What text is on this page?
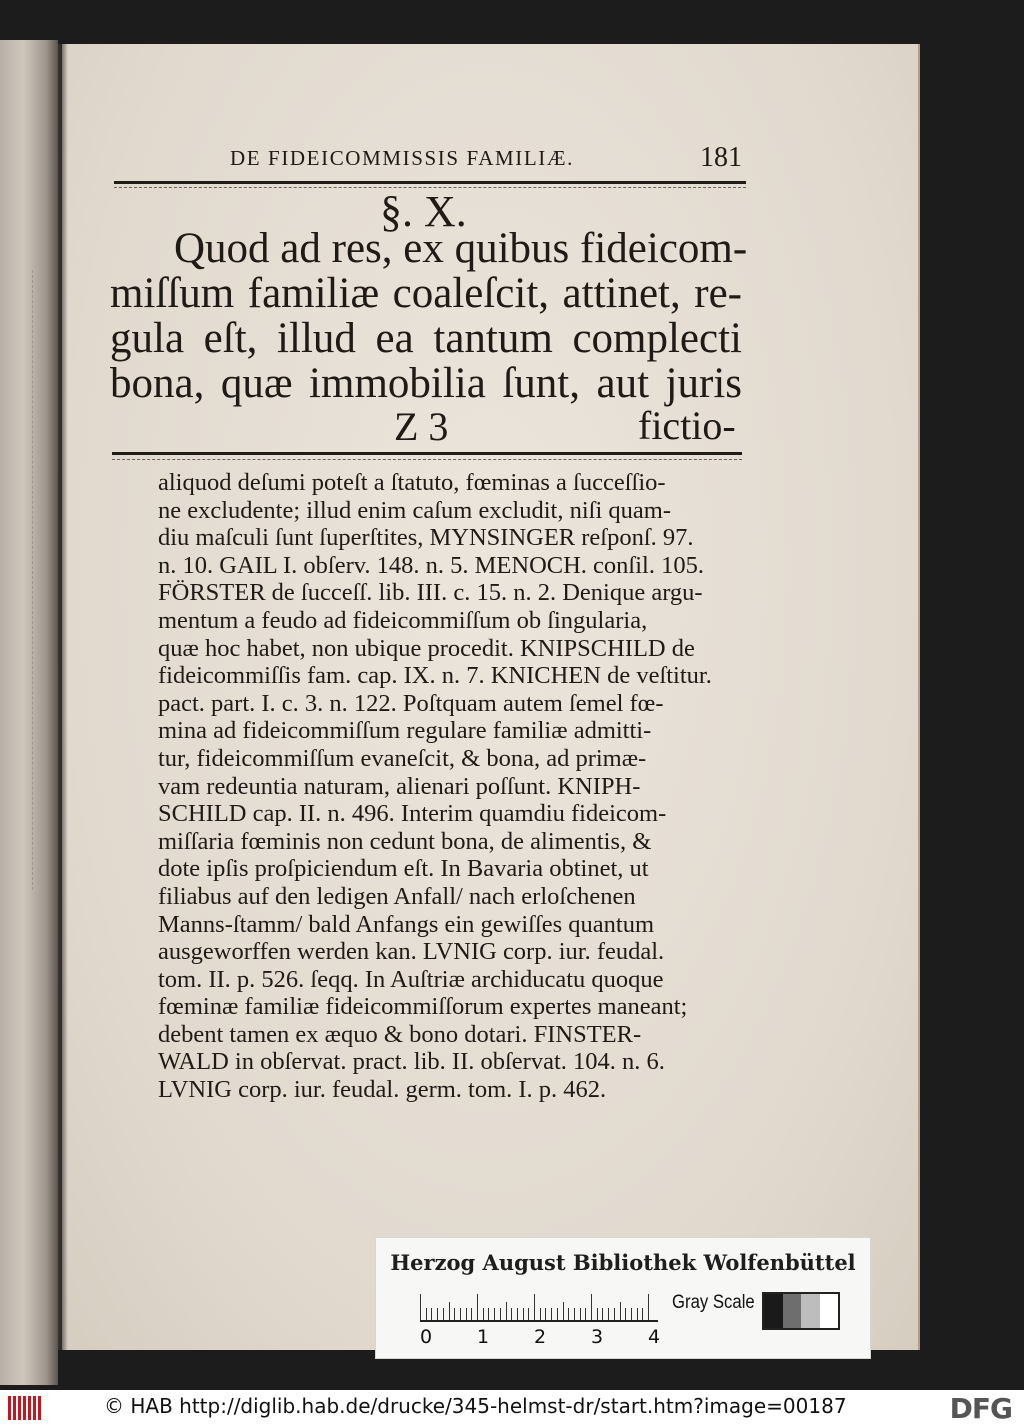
DE FIDEICOMMISSIS FAMILIÆ.	181
§. X.
Quod ad res, ex quibus fideicom-
miſſum familiæ coaleſcit, attinet, re-
gula eſt, illud ea tantum complecti
bona, quæ immobilia ſunt, aut juris
Z 3	fictio-
aliquod deſumi poteſt a ſtatuto, fœminas a ſucceſſio-
ne excludente; illud enim caſum excludit, niſi quam-
diu maſculi ſunt ſuperſtites, MYNSINGER reſponſ. 97.
n. 10. GAIL I. obſerv. 148. n. 5. MENOCH. conſil. 105.
FÖRSTER de ſucceſſ. lib. III. c. 15. n. 2. Denique argu-
mentum a feudo ad fideicommiſſum ob ſingularia,
quæ hoc habet, non ubique procedit. KNIPSCHILD de
fideicommiſſis fam. cap. IX. n. 7. KNICHEN de veſtitur.
pact. part. I. c. 3. n. 122. Poſtquam autem ſemel fœ-
mina ad fideicommiſſum regulare familiæ admitti-
tur, fideicommiſſum evaneſcit, & bona, ad primæ-
vam redeuntia naturam, alienari poſſunt. KNIPH-
SCHILD cap. II. n. 496. Interim quamdiu fideicom-
miſſaria fœminis non cedunt bona, de alimentis, &
dote ipſis proſpiciendum eſt. In Bavaria obtinet, ut
filiabus auf den ledigen Anfall/ nach erloſchenen
Manns-ſtamm/ bald Anfangs ein gewiſſes quantum
ausgeworffen werden kan. LVNIG corp. iur. feudal.
tom. II. p. 526. ſeqq. In Auſtriæ archiducatu quoque
fœminæ familiæ fideicommiſſorum expertes maneant;
debent tamen ex æquo & bono dotari. FINSTER-
WALD in obſervat. pract. lib. II. obſervat. 104. n. 6.
LVNIG corp. iur. feudal. germ. tom. I. p. 462.
Herzog August Bibliothek Wolfenbüttel
0 1 2 3 4
Gray Scale
© HAB http://diglib.hab.de/drucke/345-helmst-dr/start.htm?image=00187	DFG
